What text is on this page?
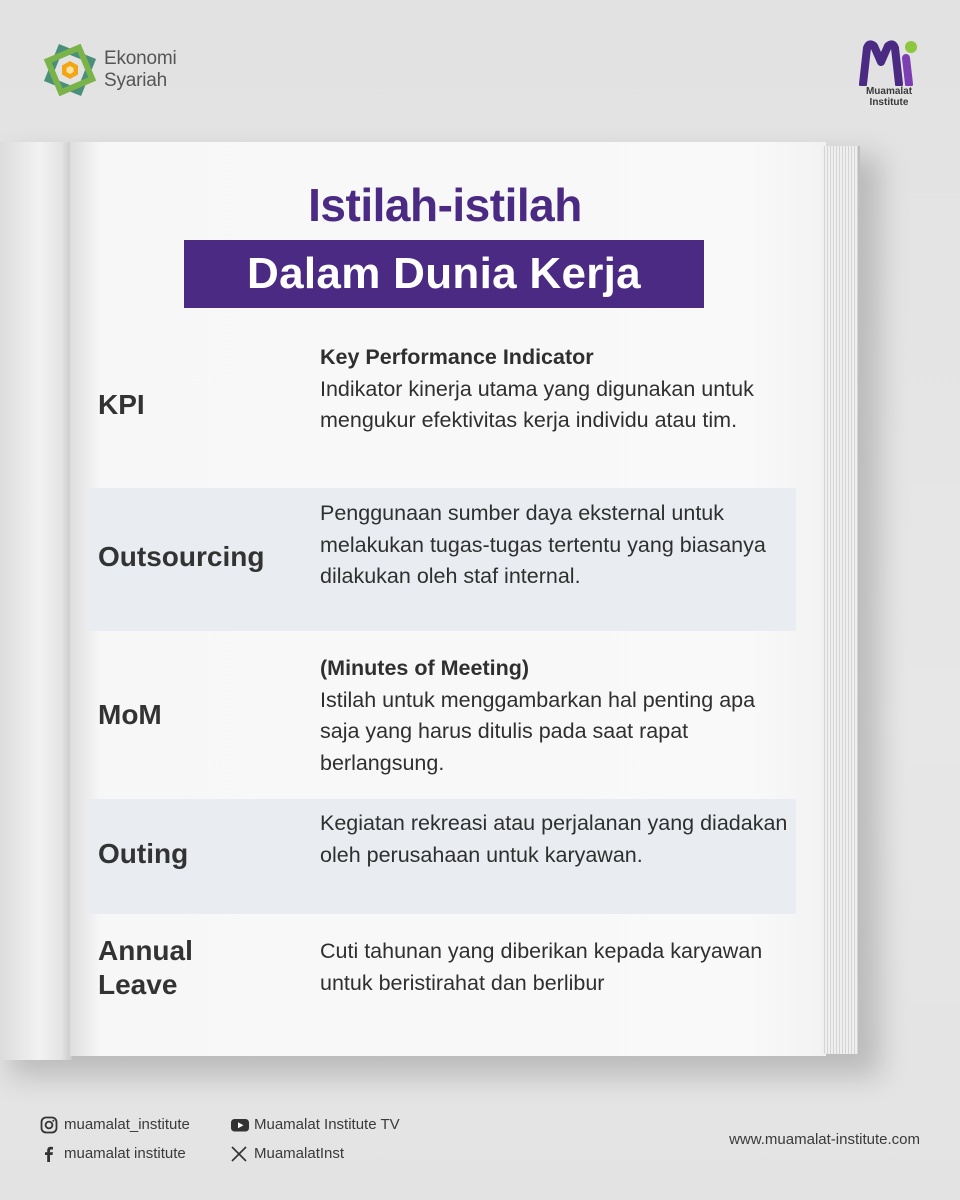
Ekonomi
Syariah
Muamalat
Institute
Istilah-istilah
Dalam Dunia Kerja
KPI
Key Performance Indicator
Indikator kinerja utama yang digunakan untuk mengukur efektivitas kerja individu atau tim.
Outsourcing
Penggunaan sumber daya eksternal untuk melakukan tugas-tugas tertentu yang biasanya dilakukan oleh staf internal.
MoM
(Minutes of Meeting)
Istilah untuk menggambarkan hal penting apa saja yang harus ditulis pada saat rapat berlangsung.
Outing
Kegiatan rekreasi atau perjalanan yang diadakan oleh perusahaan untuk karyawan.
Annual Leave
Cuti tahunan yang diberikan kepada karyawan untuk beristirahat dan berlibur
muamalat_institute
muamalat institute
Muamalat Institute TV
MuamalatInst
www.muamalat-institute.com
